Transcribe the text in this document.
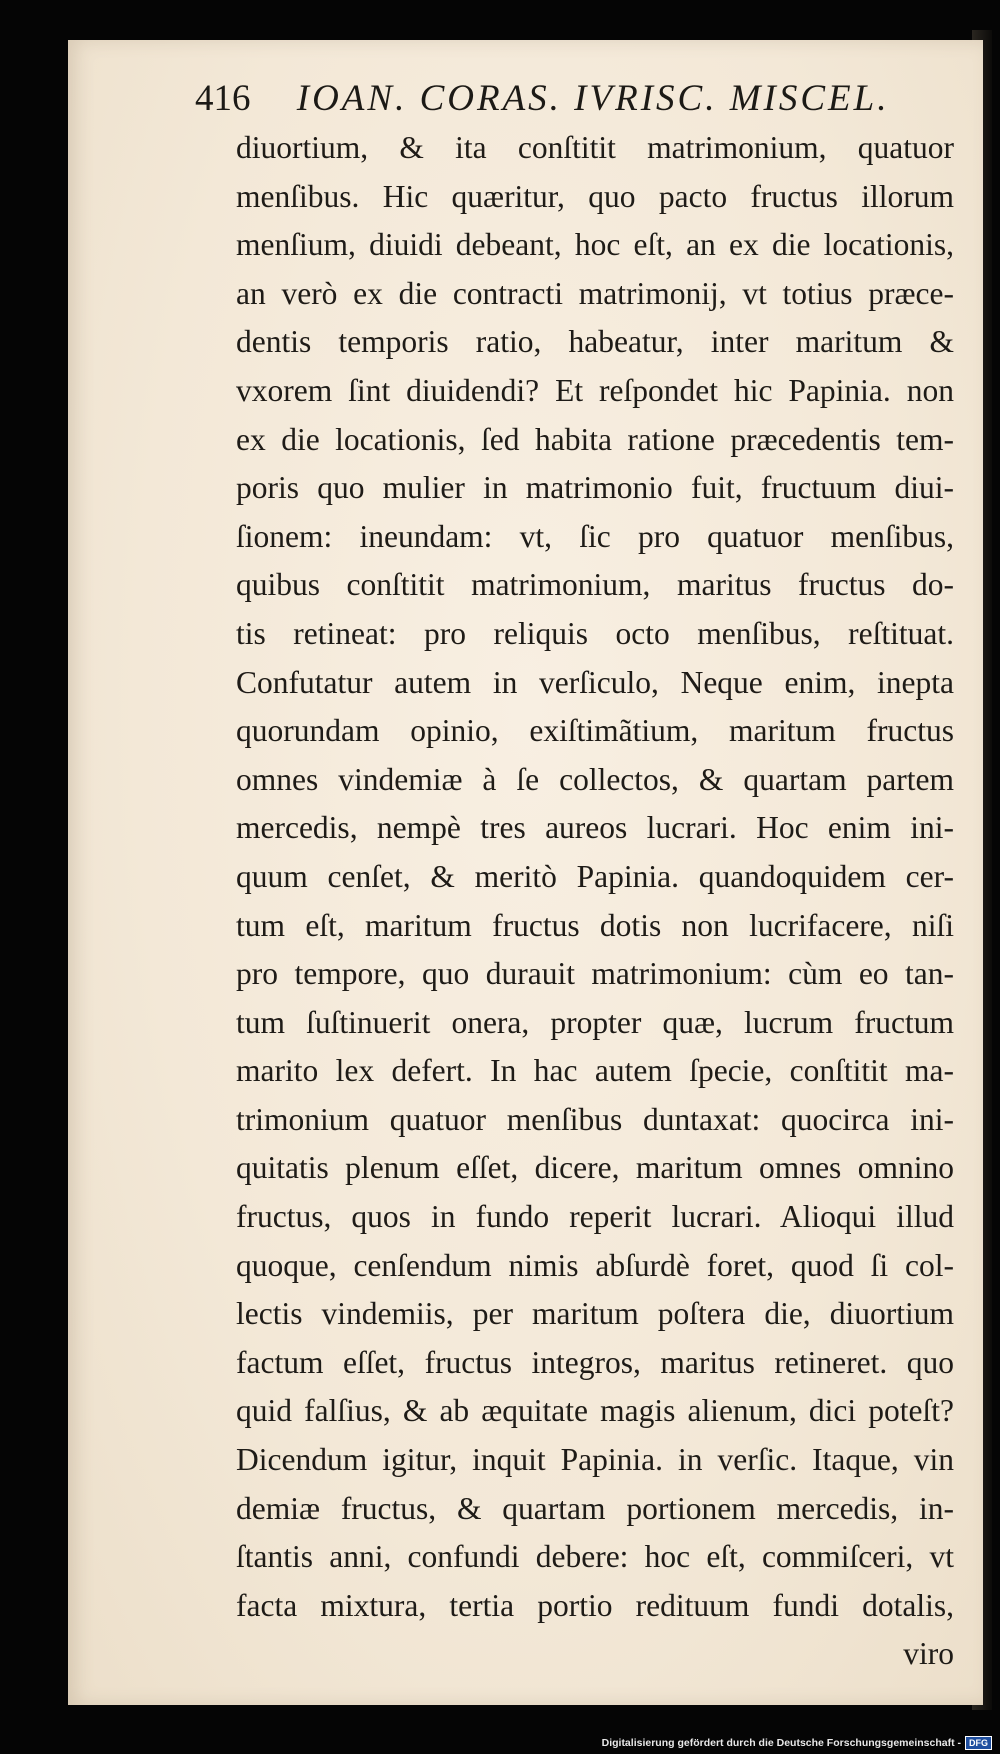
416 IOAN. CORAS. IVRISC. MISCEL.
diuortium, & ita conſtitit matrimonium, quatuor
menſibus. Hic quæritur, quo pacto fructus illorum
menſium, diuidi debeant, hoc eſt, an ex die locationis,
an verò ex die contracti matrimonij, vt totius præce-
dentis temporis ratio, habeatur, inter maritum &
vxorem ſint diuidendi? Et reſpondet hic Papinia. non
ex die locationis, ſed habita ratione præcedentis tem-
poris quo mulier in matrimonio fuit, fructuum diui-
ſionem: ineundam: vt, ſic pro quatuor menſibus,
quibus conſtitit matrimonium, maritus fructus do-
tis retineat: pro reliquis octo menſibus, reſtituat.
Confutatur autem in verſiculo, Neque enim, inepta
quorundam opinio, exiſtimãtium, maritum fructus
omnes vindemiæ à ſe collectos, & quartam partem
mercedis, nempè tres aureos lucrari. Hoc enim ini-
quum cenſet, & meritò Papinia. quandoquidem cer-
tum eſt, maritum fructus dotis non lucrifacere, niſi
pro tempore, quo durauit matrimonium: cùm eo tan-
tum ſuſtinuerit onera, propter quæ, lucrum fructum
marito lex defert. In hac autem ſpecie, conſtitit ma-
trimonium quatuor menſibus duntaxat: quocirca ini-
quitatis plenum eſſet, dicere, maritum omnes omnino
fructus, quos in fundo reperit lucrari. Alioqui illud
quoque, cenſendum nimis abſurdè foret, quod ſi col-
lectis vindemiis, per maritum poſtera die, diuortium
factum eſſet, fructus integros, maritus retineret. quo
quid falſius, & ab æquitate magis alienum, dici poteſt?
Dicendum igitur, inquit Papinia. in verſic. Itaque, vin
demiæ fructus, & quartam portionem mercedis, in-
ſtantis anni, confundi debere: hoc eſt, commiſceri, vt
facta mixtura, tertia portio redituum fundi dotalis,
viro
Digitalisierung gefördert durch die Deutsche Forschungsgemeinschaft - DFG
